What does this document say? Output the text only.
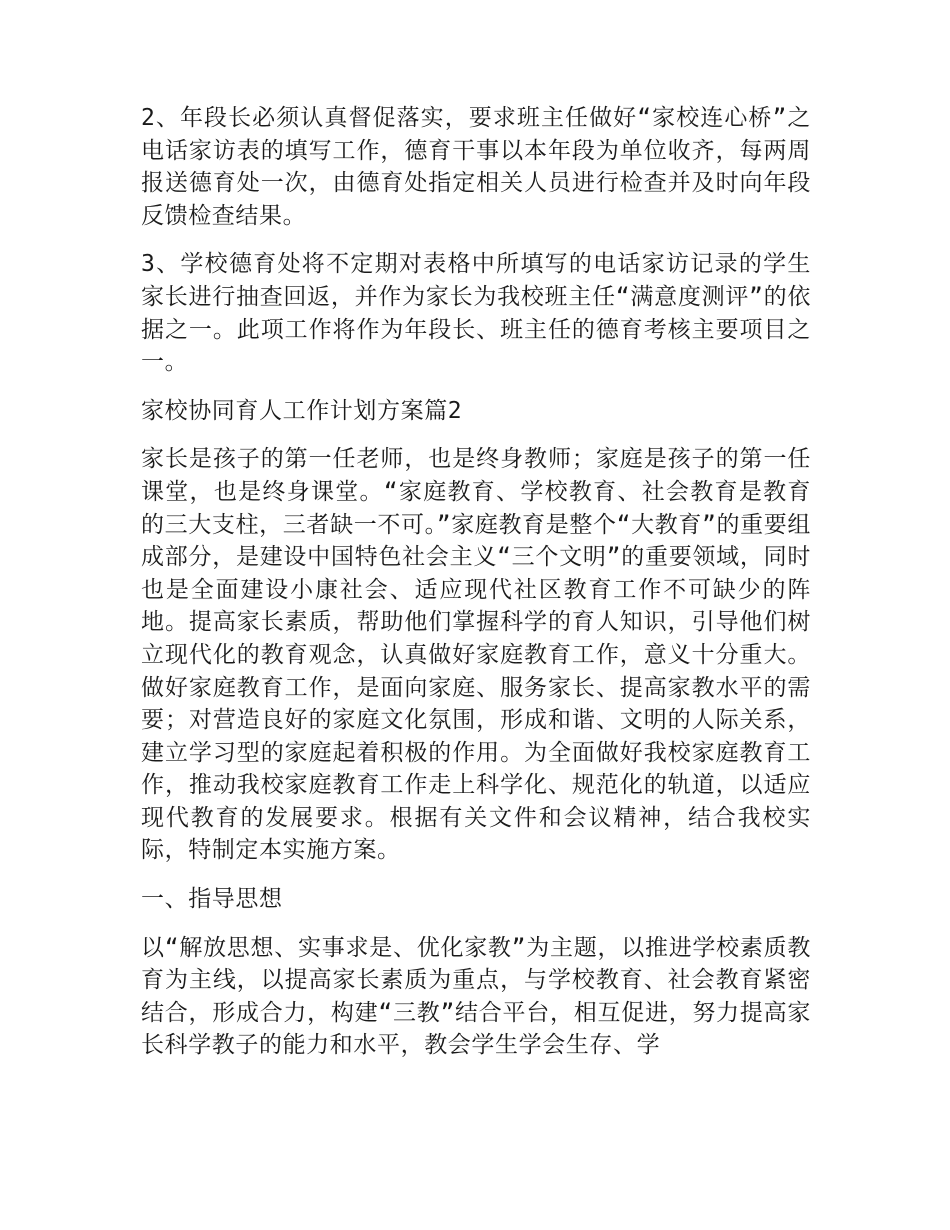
2、年段长必须认真督促落实，要求班主任做好“家校连心桥”之电话家访表的填写工作，德育干事以本年段为单位收齐，每两周报送德育处一次，由德育处指定相关人员进行检查并及时向年段反馈检查结果。

3、学校德育处将不定期对表格中所填写的电话家访记录的学生家长进行抽查回返，并作为家长为我校班主任“满意度测评”的依据之一。此项工作将作为年段长、班主任的德育考核主要项目之一。

家校协同育人工作计划方案篇2

家长是孩子的第一任老师，也是终身教师；家庭是孩子的第一任课堂，也是终身课堂。“家庭教育、学校教育、社会教育是教育的三大支柱，三者缺一不可。”家庭教育是整个“大教育”的重要组成部分，是建设中国特色社会主义“三个文明”的重要领域，同时也是全面建设小康社会、适应现代社区教育工作不可缺少的阵地。提高家长素质，帮助他们掌握科学的育人知识，引导他们树立现代化的教育观念，认真做好家庭教育工作，意义十分重大。做好家庭教育工作，是面向家庭、服务家长、提高家教水平的需要；对营造良好的家庭文化氛围，形成和谐、文明的人际关系，建立学习型的家庭起着积极的作用。为全面做好我校家庭教育工作，推动我校家庭教育工作走上科学化、规范化的轨道，以适应现代教育的发展要求。根据有关文件和会议精神，结合我校实际，特制定本实施方案。

一、指导思想

以“解放思想、实事求是、优化家教”为主题，以推进学校素质教育为主线，以提高家长素质为重点，与学校教育、社会教育紧密结合，形成合力，构建“三教”结合平台，相互促进，努力提高家长科学教子的能力和水平，教会学生学会生存、学
